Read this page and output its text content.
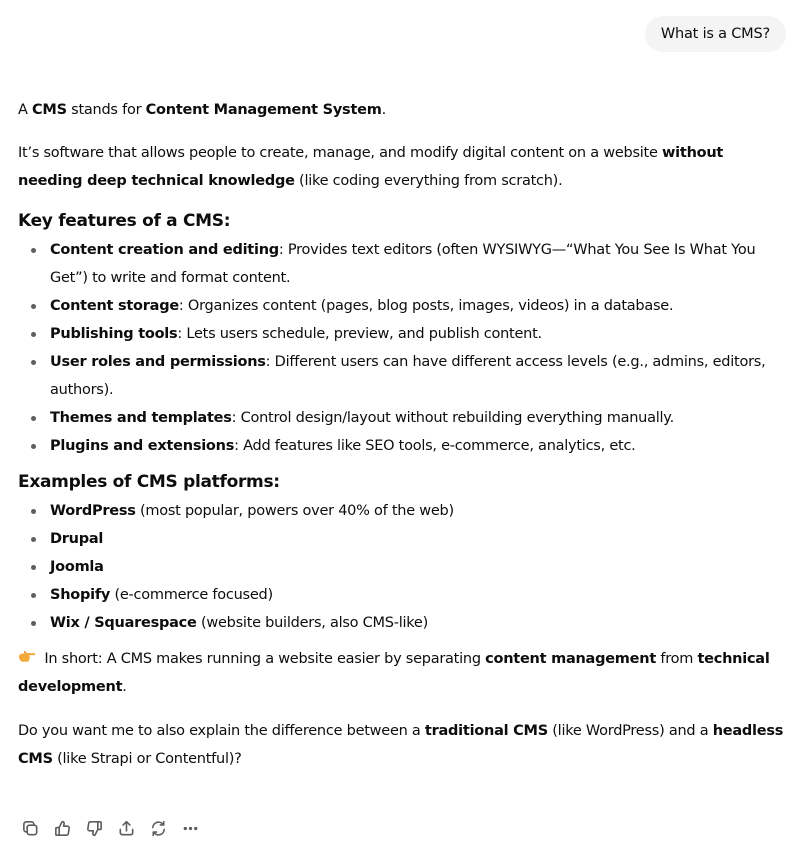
What is a CMS?

A CMS stands for Content Management System.

It’s software that allows people to create, manage, and modify digital content on a website without needing deep technical knowledge (like coding everything from scratch).

Key features of a CMS:
Content creation and editing: Provides text editors (often WYSIWYG—“What You See Is What You Get”) to write and format content.
Content storage: Organizes content (pages, blog posts, images, videos) in a database.
Publishing tools: Lets users schedule, preview, and publish content.
User roles and permissions: Different users can have different access levels (e.g., admins, editors, authors).
Themes and templates: Control design/layout without rebuilding everything manually.
Plugins and extensions: Add features like SEO tools, e-commerce, analytics, etc.
Examples of CMS platforms:
WordPress (most popular, powers over 40% of the web)
Drupal
Joomla
Shopify (e-commerce focused)
Wix / Squarespace (website builders, also CMS-like)

In short: A CMS makes running a website easier by separating content management from technical development.

Do you want me to also explain the difference between a traditional CMS (like WordPress) and a headless CMS (like Strapi or Contentful)?
